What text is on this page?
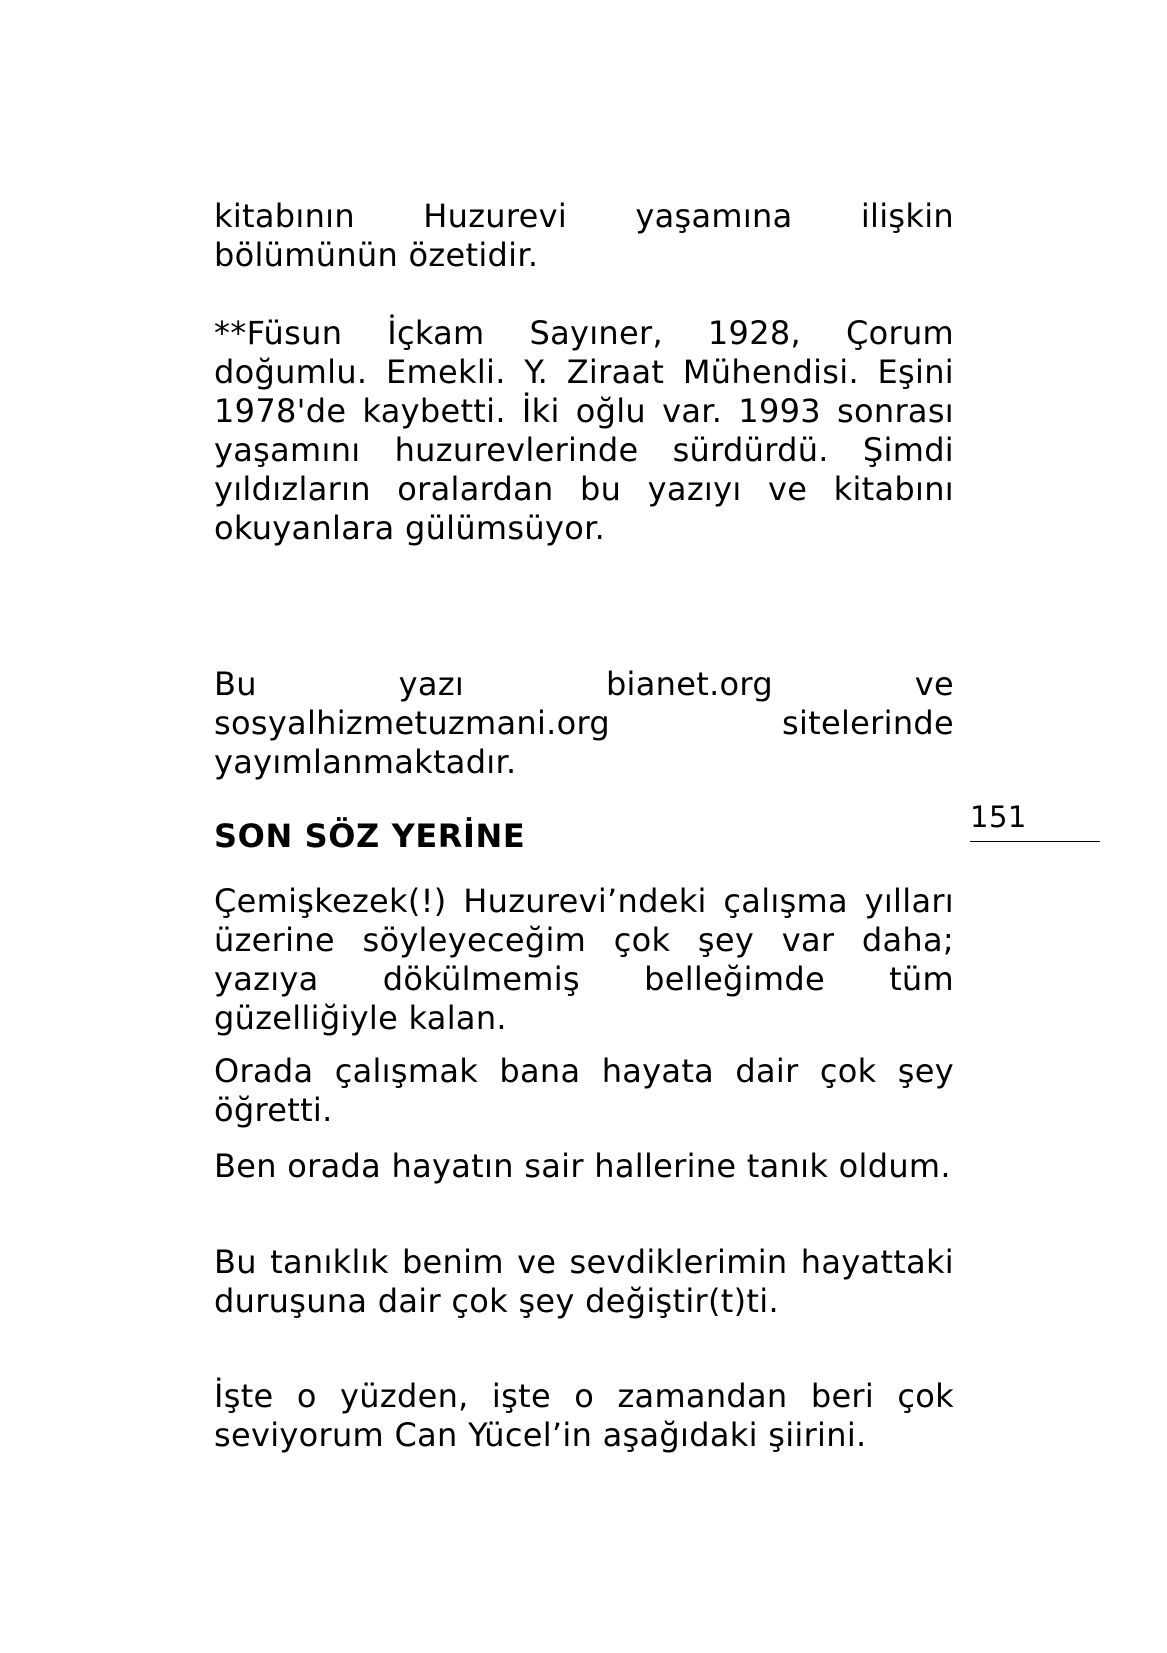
kitabının Huzurevi yaşamına ilişkin

bölümünün özetidir.

**Füsun İçkam Sayıner, 1928, Çorum doğumlu. Emekli. Y. Ziraat Mühendisi. Eşini 1978'de kaybetti. İki oğlu var. 1993 sonrası yaşamını huzurevlerinde sürdürdü. Şimdi yıldızların oralardan bu yazıyı ve kitabını okuyanlara gülümsüyor.

Bu yazı bianet.org ve sosyalhizmetuzmani.org sitelerinde yayımlanmaktadır.

151
SON SÖZ YERİNE

Çemişkezek(!) Huzurevi’ndeki çalışma yılları üzerine söyleyeceğim çok şey var daha; yazıya dökülmemiş belleğimde tüm güzelliğiyle kalan.

Orada çalışmak bana hayata dair çok şey öğretti.

Ben orada hayatın sair hallerine tanık oldum.

Bu tanıklık benim ve sevdiklerimin hayattaki duruşuna dair çok şey değiştir(t)ti.

İşte o yüzden, işte o zamandan beri çok seviyorum Can Yücel’in aşağıdaki şiirini.
